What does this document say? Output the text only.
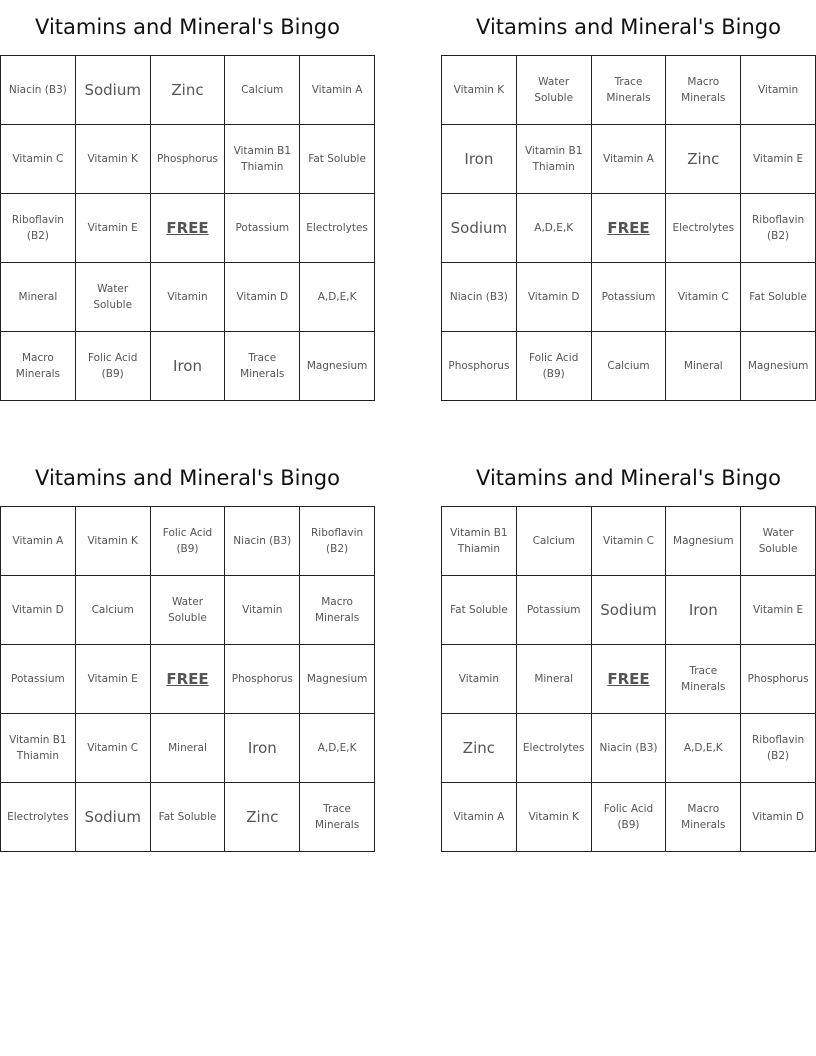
Vitamins and Mineral's Bingo
Niacin (B3)	Sodium	Zinc	Calcium	Vitamin A
Vitamin C	Vitamin K	Phosphorus	Vitamin B1 Thiamin	Fat Soluble
Riboflavin (B2)	Vitamin E	FREE	Potassium	Electrolytes
Mineral	Water Soluble	Vitamin	Vitamin D	A,D,E,K
Macro Minerals	Folic Acid (B9)	Iron	Trace Minerals	Magnesium
Vitamins and Mineral's Bingo
Vitamin K	Water Soluble	Trace Minerals	Macro Minerals	Vitamin
Iron	Vitamin B1 Thiamin	Vitamin A	Zinc	Vitamin E
Sodium	A,D,E,K	FREE	Electrolytes	Riboflavin (B2)
Niacin (B3)	Vitamin D	Potassium	Vitamin C	Fat Soluble
Phosphorus	Folic Acid (B9)	Calcium	Mineral	Magnesium
Vitamins and Mineral's Bingo
Vitamin A	Vitamin K	Folic Acid (B9)	Niacin (B3)	Riboflavin (B2)
Vitamin D	Calcium	Water Soluble	Vitamin	Macro Minerals
Potassium	Vitamin E	FREE	Phosphorus	Magnesium
Vitamin B1 Thiamin	Vitamin C	Mineral	Iron	A,D,E,K
Electrolytes	Sodium	Fat Soluble	Zinc	Trace Minerals
Vitamins and Mineral's Bingo
Vitamin B1 Thiamin	Calcium	Vitamin C	Magnesium	Water Soluble
Fat Soluble	Potassium	Sodium	Iron	Vitamin E
Vitamin	Mineral	FREE	Trace Minerals	Phosphorus
Zinc	Electrolytes	Niacin (B3)	A,D,E,K	Riboflavin (B2)
Vitamin A	Vitamin K	Folic Acid (B9)	Macro Minerals	Vitamin D
